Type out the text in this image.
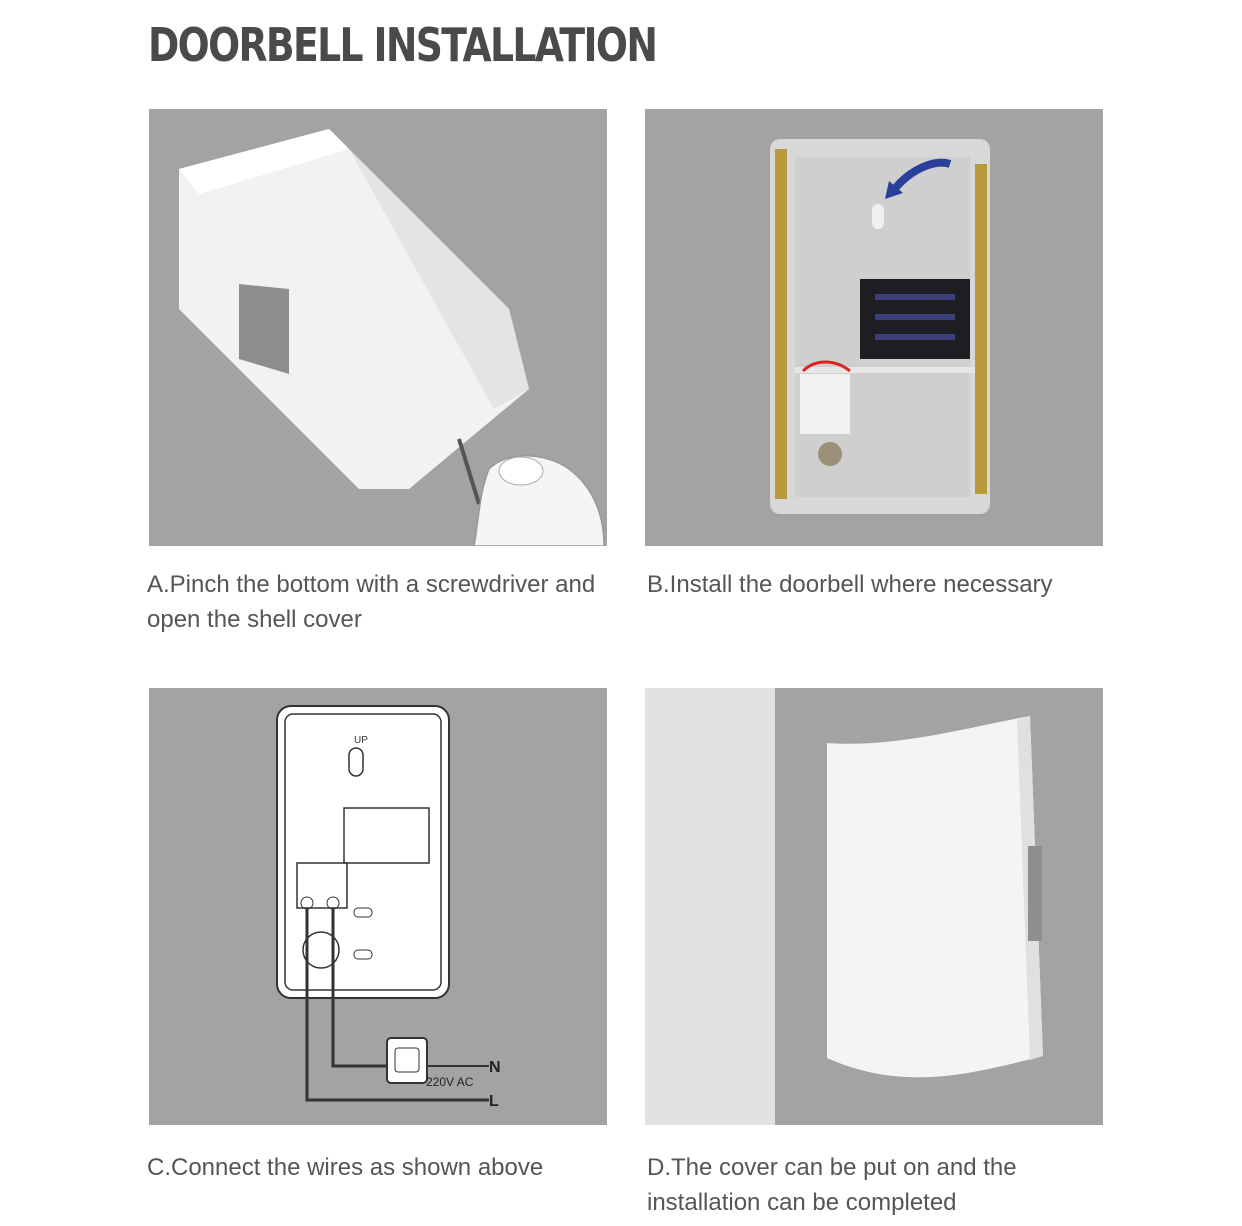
DOORBELL INSTALLATION
UP
220V AC
N
L
A.Pinch the bottom with a screwdriver and open the shell cover
B.Install the doorbell where necessary
C.Connect the wires as shown above	D.The cover can be put on and the installation can be completed
